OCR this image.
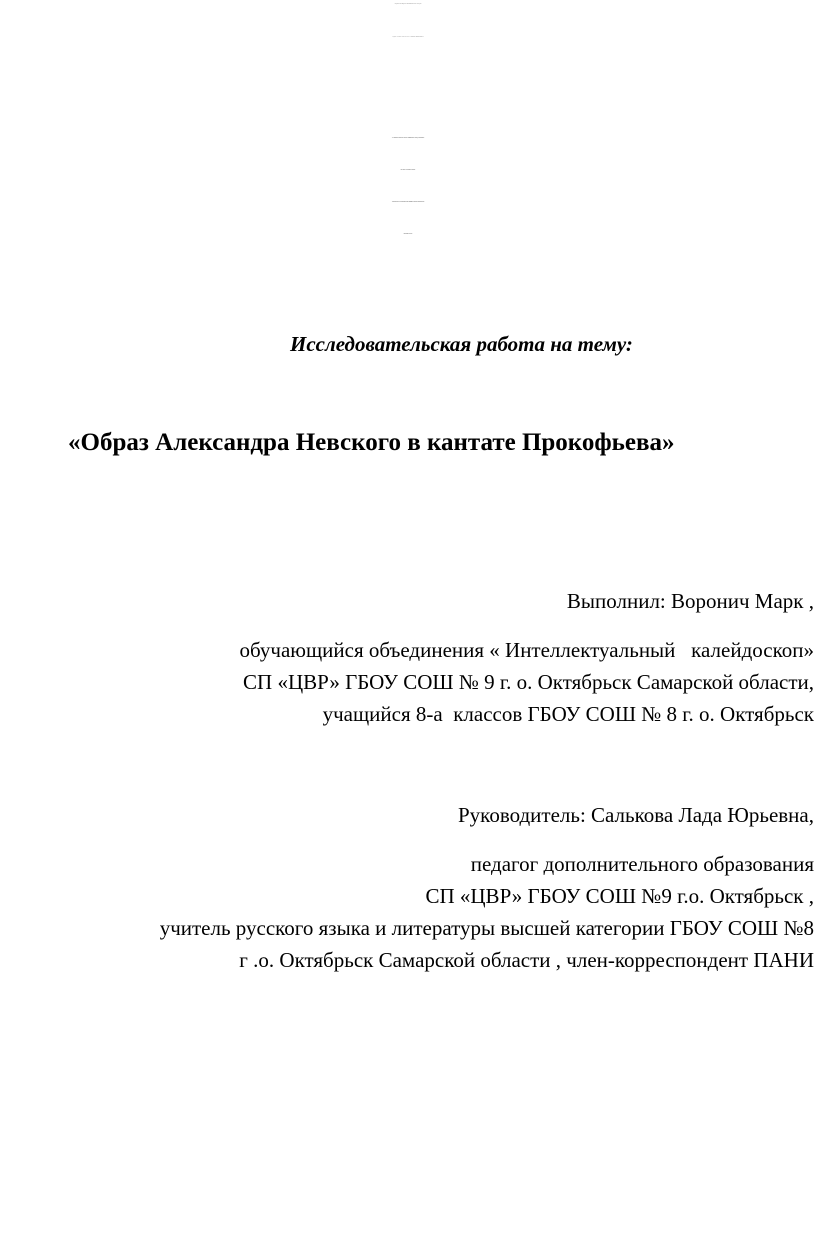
Государственное бюджетное общеобразовательное учреждение
средняя   СП «ЦВР» ГБОУ СОШ № 9 г. о. Октябрьск Самарской области
XXI областные школьные Кирилло-Мефодиевских чтения, посвященные
800-летию Александра Невского:
«Историческая и культурная память народа как духовно-нравственный
потенциал России»
Исследовательская работа на тему:
«Образ Александра Невского в кантате Прокофьева»
Выполнил: Воронич Марк ,
обучающийся объединения « Интеллектуальный   калейдоскоп»
СП «ЦВР» ГБОУ СОШ № 9 г. о. Октябрьск Самарской области,
учащийся 8-а  классов ГБОУ СОШ № 8 г. о. Октябрьск
Руководитель: Салькова Лада Юрьевна,
педагог дополнительного образования
СП «ЦВР» ГБОУ СОШ №9 г.о. Октябрьск ,
учитель русского языка и литературы высшей категории ГБОУ СОШ №8
г .о. Октябрьск Самарской области , член-корреспондент ПАНИ
